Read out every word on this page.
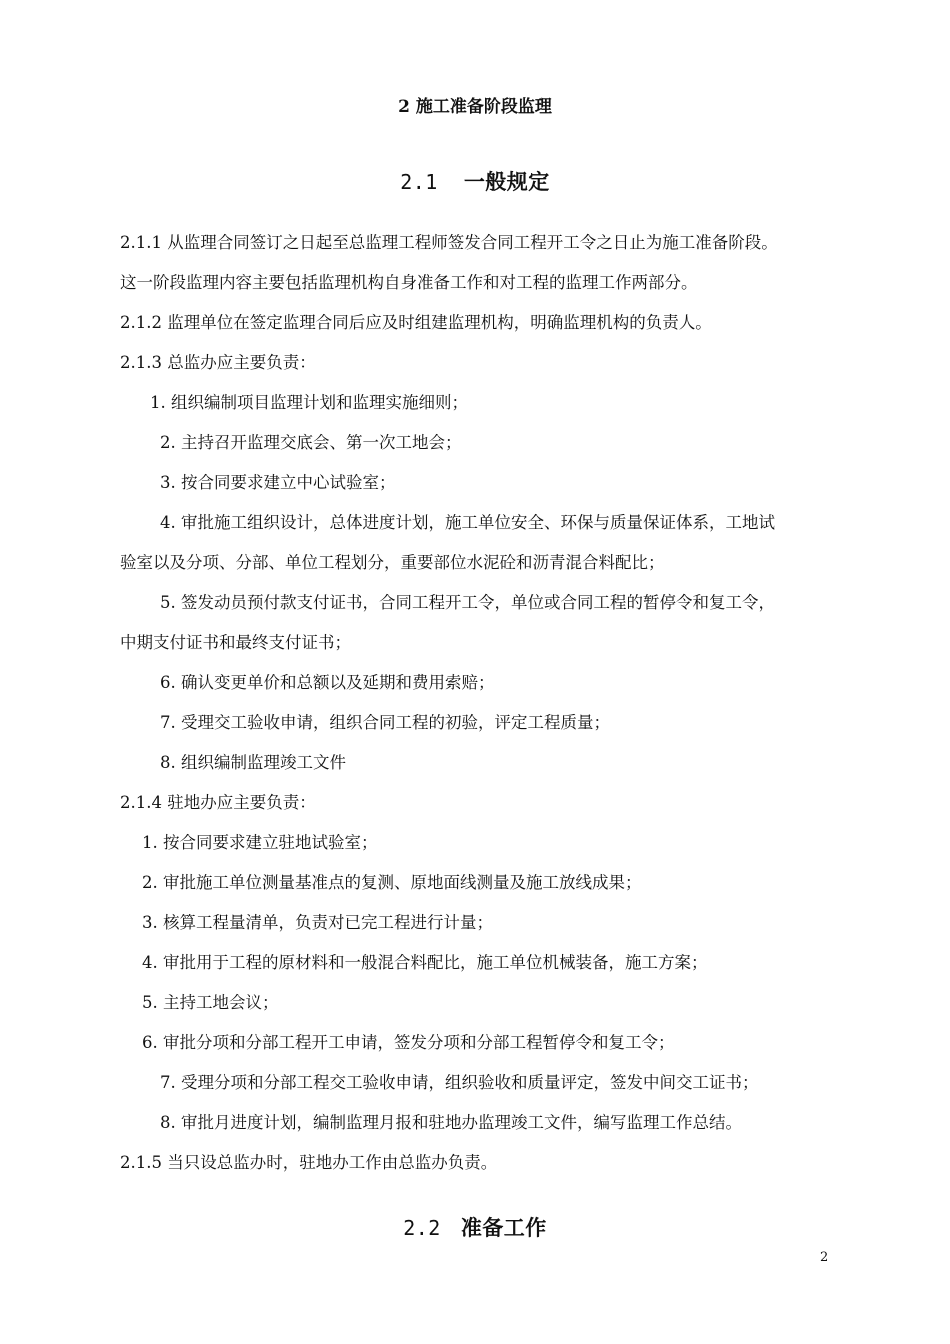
2 施工准备阶段监理
2.1 一般规定
2.1.1 从监理合同签订之日起至总监理工程师签发合同工程开工令之日止为施工准备阶段。
这一阶段监理内容主要包括监理机构自身准备工作和对工程的监理工作两部分。
2.1.2 监理单位在签定监理合同后应及时组建监理机构，明确监理机构的负责人。
2.1.3 总监办应主要负责：
1. 组织编制项目监理计划和监理实施细则；
2. 主持召开监理交底会、第一次工地会；
3. 按合同要求建立中心试验室；
4. 审批施工组织设计，总体进度计划，施工单位安全、环保与质量保证体系，工地试
验室以及分项、分部、单位工程划分，重要部位水泥砼和沥青混合料配比；
5. 签发动员预付款支付证书，合同工程开工令，单位或合同工程的暂停令和复工令，
中期支付证书和最终支付证书；
6. 确认变更单价和总额以及延期和费用索赔；
7. 受理交工验收申请，组织合同工程的初验，评定工程质量；
8. 组织编制监理竣工文件
2.1.4 驻地办应主要负责：
1. 按合同要求建立驻地试验室；
2. 审批施工单位测量基准点的复测、原地面线测量及施工放线成果；
3. 核算工程量清单，负责对已完工程进行计量；
4. 审批用于工程的原材料和一般混合料配比，施工单位机械装备，施工方案；
5. 主持工地会议；
6. 审批分项和分部工程开工申请，签发分项和分部工程暂停令和复工令；
7. 受理分项和分部工程交工验收申请，组织验收和质量评定，签发中间交工证书；
8. 审批月进度计划，编制监理月报和驻地办监理竣工文件，编写监理工作总结。
2.1.5 当只设总监办时，驻地办工作由总监办负责。
2.2 准备工作
2
